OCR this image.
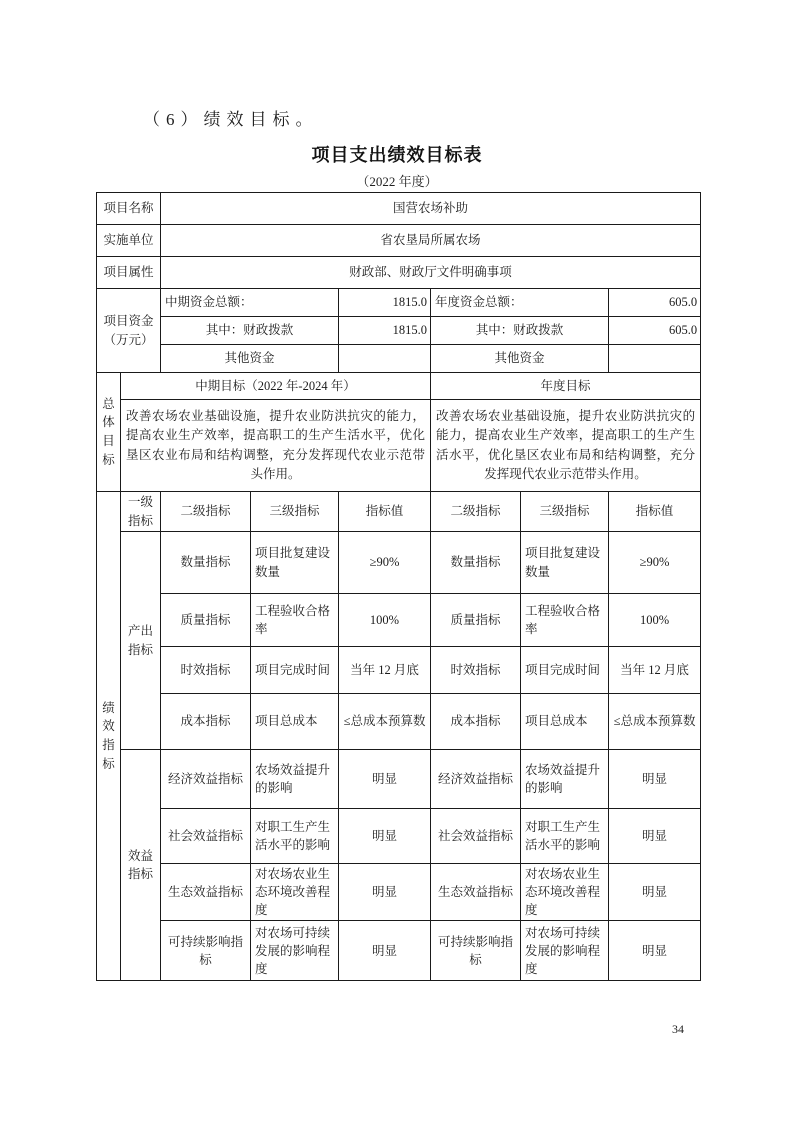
（6）绩效目标。
项目支出绩效目标表
（2022 年度）
项目名称		国营农场补助					
实施单位		省农垦局所属农场					
项目属性		财政部、财政厅文件明确事项					
项目资金（万元）		中期资金总额：		1815.0	年度资金总额：		605.0
		其中：财政拨款		1815.0	其中：财政拨款		605.0
		其他资金			其他资金		
总体目标	中期目标（2022 年-2024 年）				年度目标		
	改善农场农业基础设施，提升农业防洪抗灾的能力，提高农业生产效率，提高职工的生产生活水平，优化垦区农业布局和结构调整，充分发挥现代农业示范带头作用。				改善农场农业基础设施，提升农业防洪抗灾的能力，提高农业生产效率，提高职工的生产生活水平，优化垦区农业布局和结构调整，充分发挥现代农业示范带头作用。		
绩效指标	一级指标	二级指标	三级指标	指标值	二级指标	三级指标	指标值
	产出指标	数量指标	项目批复建设数量	≥90%	数量指标	项目批复建设数量	≥90%
		质量指标	工程验收合格率	100%	质量指标	工程验收合格率	100%
		时效指标	项目完成时间	当年 12 月底	时效指标	项目完成时间	当年 12 月底
		成本指标	项目总成本	≤总成本预算数	成本指标	项目总成本	≤总成本预算数
	效益指标	经济效益指标	农场效益提升的影响	明显	经济效益指标	农场效益提升的影响	明显
		社会效益指标	对职工生产生活水平的影响	明显	社会效益指标	对职工生产生活水平的影响	明显
		生态效益指标	对农场农业生态环境改善程度	明显	生态效益指标	对农场农业生态环境改善程度	明显
		可持续影响指标	对农场可持续发展的影响程度	明显	可持续影响指标	对农场可持续发展的影响程度	明显
34
